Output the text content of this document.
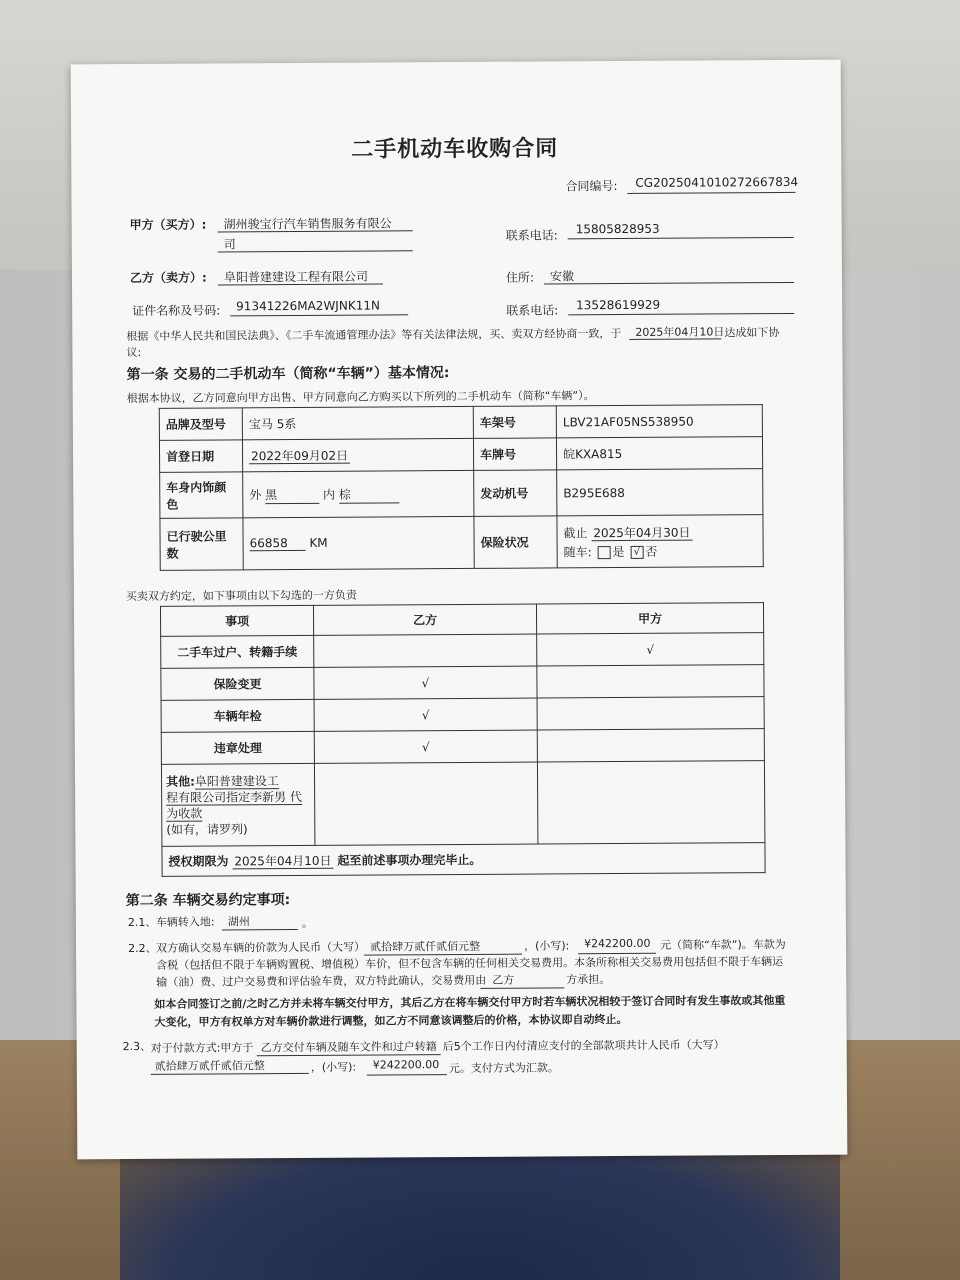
二手机动车收购合同
合同编号: CG2025041010272667834
甲方（买方）: 湖州骏宝行汽车销售服务有限公
司
联系电话: 15805828953
乙方（卖方）: 阜阳普建建设工程有限公司	住所: 安徽
证件名称及号码: 91341226MA2WJNK11N	联系电话: 13528619929
根据《中华人民共和国民法典》、《二手车流通管理办法》等有关法律法规，买、卖双方经协商一致，于 2025年04月10日 达成如下协
议:
第一条 交易的二手机动车（简称“车辆”）基本情况:
根据本协议，乙方同意向甲方出售、甲方同意向乙方购买以下所列的二手机动车（简称“车辆”）。
品牌及型号	宝马 5系	车架号	LBV21AF05NS538950
首登日期	2022年09月02日	车牌号	皖KXA815
车身内饰颜色	外 黑 内 棕	发动机号	B295E688
已行驶公里数	66858 KM	保险状况	截止 2025年04月30日
随车: 是 √ 否
买卖双方约定，如下事项由以下勾选的一方负责
事项	乙方	甲方
二手车过户、转籍手续		√
保险变更	√	
车辆年检	√	
违章处理	√	
其他:阜阳普建建设工
程有限公司指定李新男 代
为收款
(如有，请罗列)		
授权期限为 2025年04月10日 起至前述事项办理完毕止。		
第二条 车辆交易约定事项:
2.1、 车辆转入地: 湖州	。
2.2、 双方确认交易车辆的价款为人民币（大写） 贰拾肆万贰仟贰佰元整	，(小写): ¥242200.00 元（简称“车款”)。车款为
含税（包括但不限于车辆购置税、增值税）车价，但不包含车辆的任何相关交易费用。本条所称相关交易费用包括但不限于车辆运
输（油）费、过户交易费和评估验车费，双方特此确认，交易费用由 乙方	方承担。
如本合同签订之前/之时乙方并未将车辆交付甲方，其后乙方在将车辆交付甲方时若车辆状况相较于签订合同时有发生事故或其他重
大变化，甲方有权单方对车辆价款进行调整，如乙方不同意该调整后的价格，本协议即自动终止。
2.3、 对于付款方式:甲方于 乙方交付车辆及随车文件和过户转籍 后5个工作日内付清应支付的全部款项共计人民币（大写）
贰拾肆万贰仟贰佰元整	，(小写): ¥242200.00 元。支付方式为汇款。
